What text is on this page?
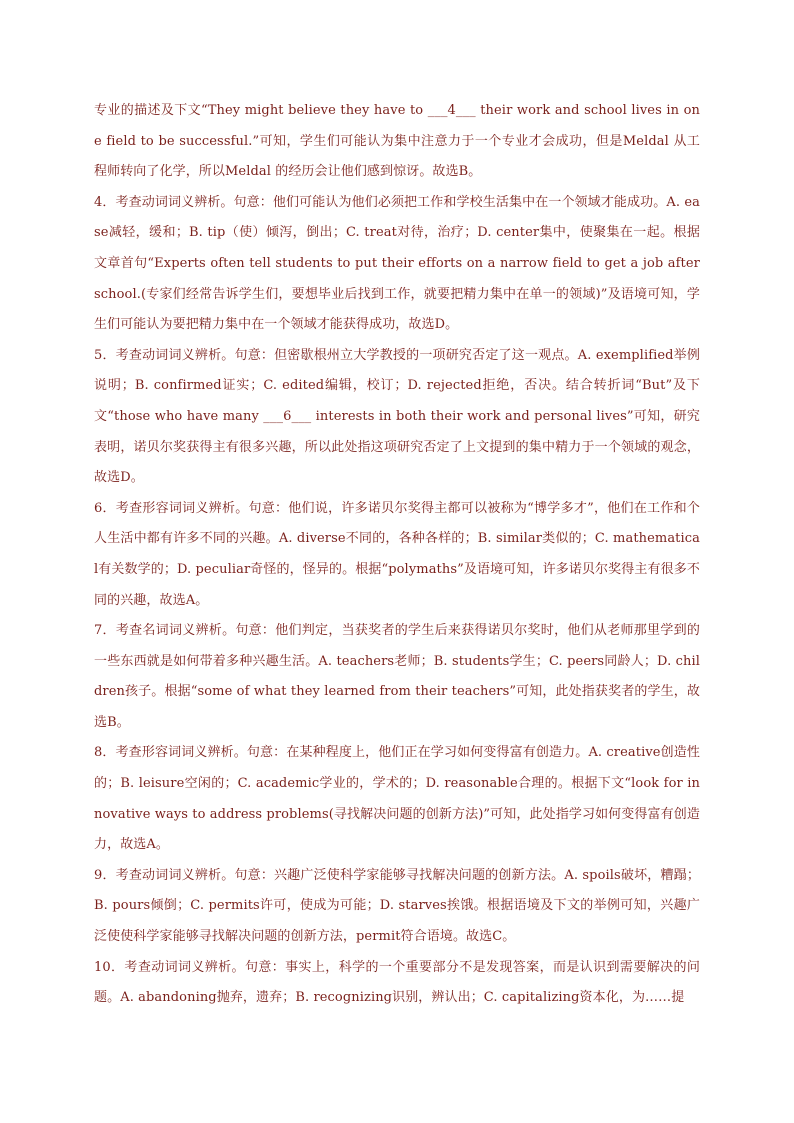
专业的描述及下文“They might believe they have to ___4___ their work and school lives in one field to be successful.”可知，学生们可能认为集中注意力于一个专业才会成功，但是Meldal 从工程师转向了化学，所以Meldal 的经历会让他们感到惊讶。故选B。

4．考查动词词义辨析。句意：他们可能认为他们必须把工作和学校生活集中在一个领域才能成功。A. ease减轻，缓和；B. tip（使）倾泻，倒出；C. treat对待，治疗；D. center集中，使聚集在一起。根据文章首句“Experts often tell students to put their efforts on a narrow field to get a job after school.(专家们经常告诉学生们，要想毕业后找到工作，就要把精力集中在单一的领域)”及语境可知，学生们可能认为要把精力集中在一个领域才能获得成功，故选D。

5．考查动词词义辨析。句意：但密歇根州立大学教授的一项研究否定了这一观点。A. exemplified举例说明；B. confirmed证实；C. edited编辑，校订；D. rejected拒绝，否决。结合转折词“But”及下文“those who have many ___6___ interests in both their work and personal lives”可知，研究表明，诺贝尔奖获得主有很多兴趣，所以此处指这项研究否定了上文提到的集中精力于一个领域的观念，故选D。

6．考查形容词词义辨析。句意：他们说，许多诺贝尔奖得主都可以被称为“博学多才”，他们在工作和个人生活中都有许多不同的兴趣。A. diverse不同的，各种各样的；B. similar类似的；C. mathematical有关数学的；D. peculiar奇怪的，怪异的。根据“polymaths”及语境可知，许多诺贝尔奖得主有很多不同的兴趣，故选A。

7．考查名词词义辨析。句意：他们判定，当获奖者的学生后来获得诺贝尔奖时，他们从老师那里学到的一些东西就是如何带着多种兴趣生活。A. teachers老师；B. students学生；C. peers同龄人；D. children孩子。根据“some of what they learned from their teachers”可知，此处指获奖者的学生，故选B。

8．考查形容词词义辨析。句意：在某种程度上，他们正在学习如何变得富有创造力。A. creative创造性的；B. leisure空闲的；C. academic学业的，学术的；D. reasonable合理的。根据下文“look for innovative ways to address problems(寻找解决问题的创新方法)”可知，此处指学习如何变得富有创造力，故选A。

9．考查动词词义辨析。句意：兴趣广泛使科学家能够寻找解决问题的创新方法。A. spoils破坏，糟蹋；B. pours倾倒；C. permits许可，使成为可能；D. starves挨饿。根据语境及下文的举例可知，兴趣广泛使使科学家能够寻找解决问题的创新方法，permit符合语境。故选C。

10．考查动词词义辨析。句意：事实上，科学的一个重要部分不是发现答案，而是认识到需要解决的问题。A. abandoning抛弃，遗弃；B. recognizing识别，辨认出；C. capitalizing资本化，为……提
